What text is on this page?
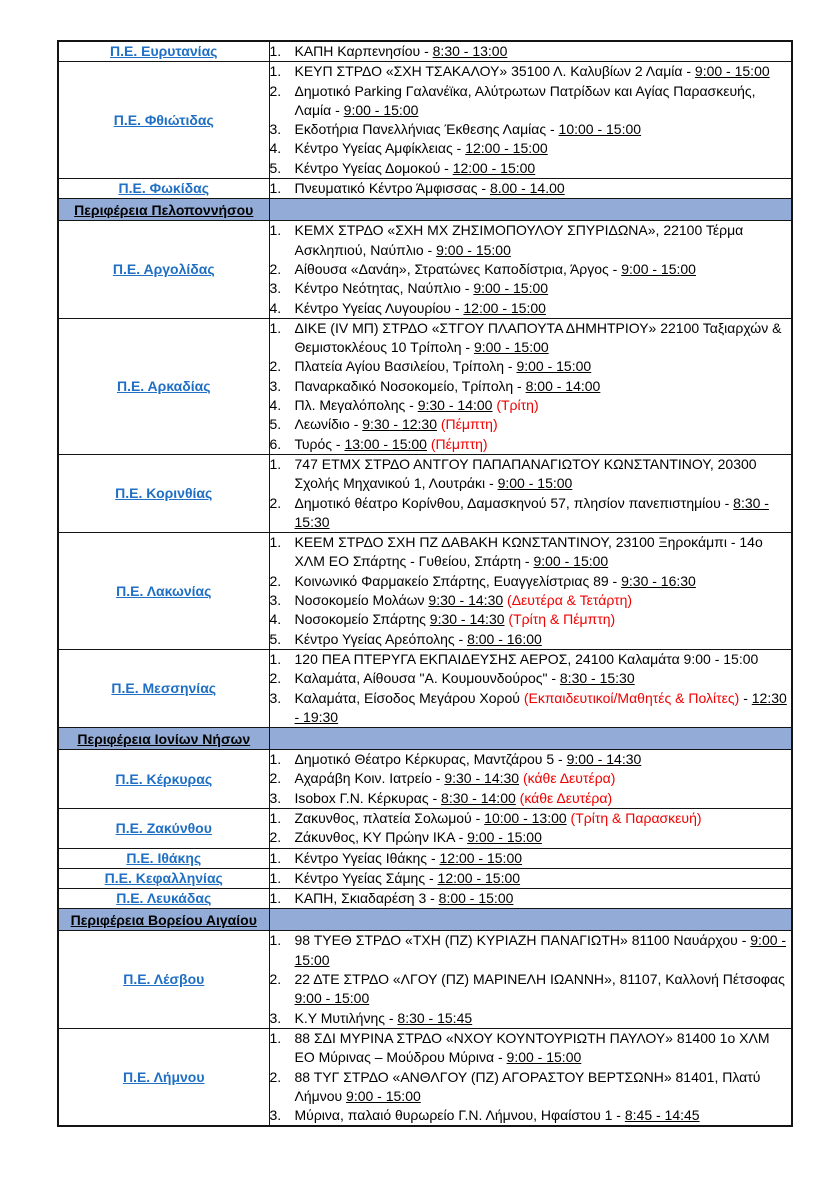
Π.Ε. Ευρυτανίας	1. ΚΑΠΗ Καρπενησίου - 8:30 - 13:00

Π.Ε. Φθιώτιδας	
1. ΚΕΥΠ ΣΤΡΔΟ «ΣΧΗ ΤΣΑΚΑΛΟΥ» 35100 Λ. Καλυβίων 2 Λαμία - 9:00 - 15:00
2. Δημοτικό Parking Γαλανέϊκα, Αλύτρωτων Πατρίδων και Αγίας Παρασκευής, Λαμία - 9:00 - 15:00
3. Εκδοτήρια Πανελλήνιας Έκθεσης Λαμίας - 10:00 - 15:00
4. Κέντρο Υγείας Αμφίκλειας - 12:00 - 15:00
5. Κέντρο Υγείας Δομοκού - 12:00 - 15:00

Π.Ε. Φωκίδας	1. Πνευματικό Κέντρο Άμφισσας - 8.00 - 14.00

Περιφέρεια Πελοποννήσου	
Π.Ε. Αργολίδας	
1. ΚΕΜΧ ΣΤΡΔΟ «ΣΧΗ ΜΧ ΖΗΣΙΜΟΠΟΥΛΟΥ ΣΠΥΡΙΔΩΝΑ», 22100 Τέρμα Ασκληπιού, Ναύπλιο - 9:00 - 15:00
2. Αίθουσα «Δανάη», Στρατώνες Καποδίστρια, Άργος - 9:00 - 15:00
3. Κέντρο Νεότητας, Ναύπλιο - 9:00 - 15:00
4. Κέντρο Υγείας Λυγουρίου - 12:00 - 15:00

Π.Ε. Αρκαδίας	
1. ΔΙΚΕ (ΙV ΜΠ) ΣΤΡΔΟ «ΣΤΓΟΥ ΠΛΑΠΟΥΤΑ ΔΗΜΗΤΡΙΟΥ» 22100 Ταξιαρχών & Θεμιστοκλέους 10 Τρίπολη - 9:00 - 15:00
2. Πλατεία Αγίου Βασιλείου, Τρίπολη - 9:00 - 15:00
3. Παναρκαδικό Νοσοκομείο, Τρίπολη - 8:00 - 14:00
4. Πλ. Μεγαλόπολης - 9:30 - 14:00 (Τρίτη)
5. Λεωνίδιο - 9:30 - 12:30 (Πέμπτη)
6. Τυρός - 13:00 - 15:00 (Πέμπτη)

Π.Ε. Κορινθίας	1. 747 ΕΤΜΧ ΣΤΡΔΟ ΑΝΤΓΟΥ ΠΑΠΑΠΑΝΑΓΙΩΤΟΥ ΚΩΝΣΤΑΝΤΙΝΟΥ, 20300 Σχολής Μηχανικού 1, Λουτράκι - 9:00 - 15:00
2. Δημοτικό θέατρο Κορίνθου, Δαμασκηνού 57, πλησίον πανεπιστημίου - 8:30 - 15:30

Π.Ε. Λακωνίας	
1. ΚΕΕΜ ΣΤΡΔΟ ΣΧΗ ΠΖ ΔΑΒΑΚΗ ΚΩΝΣΤΑΝΤΙΝΟΥ, 23100 Ξηροκάμπι - 14ο ΧΛΜ ΕΟ Σπάρτης - Γυθείου, Σπάρτη - 9:00 - 15:00
2. Κοινωνικό Φαρμακείο Σπάρτης, Ευαγγελίστριας 89 - 9:30 - 16:30
3. Νοσοκομείο Μολάων 9:30 - 14:30 (Δευτέρα & Τετάρτη)
4. Νοσοκομείο Σπάρτης 9:30 - 14:30 (Τρίτη & Πέμπτη)
5. Κέντρο Υγείας Αρεόπολης - 8:00 - 16:00

Π.Ε. Μεσσηνίας	
1. 120 ΠΕΑ ΠΤΕΡΥΓΑ ΕΚΠΑΙΔΕΥΣΗΣ ΑΕΡΟΣ, 24100 Καλαμάτα 9:00 - 15:00
2. Καλαμάτα, Αίθουσα "Α. Κουμουνδούρος" - 8:30 - 15:30
3. Καλαμάτα, Είσοδος Μεγάρου Χορού (Εκπαιδευτικοί/Μαθητές & Πολίτες) - 12:30 - 19:30

Περιφέρεια Ιονίων Νήσων	
Π.Ε. Κέρκυρας	
1. Δημοτικό Θέατρο Κέρκυρας, Μαντζάρου 5 - 9:00 - 14:30
2. Αχαράβη Κοιν. Ιατρείο - 9:30 - 14:30 (κάθε Δευτέρα)
3. Isobox Γ.Ν. Κέρκυρας - 8:30 - 14:00 (κάθε Δευτέρα)

Π.Ε. Ζακύνθου	1. Ζακυνθος, πλατεία Σολωμού - 10:00 - 13:00 (Τρίτη & Παρασκευή)
2. Ζάκυνθος, ΚΥ Πρώην ΙΚΑ - 9:00 - 15:00

Π.Ε. Ιθάκης	1. Κέντρο Υγείας Ιθάκης - 12:00 - 15:00

Π.Ε. Κεφαλληνίας	1. Κέντρο Υγείας Σάμης - 12:00 - 15:00

Π.Ε. Λευκάδας	1. ΚΑΠΗ, Σκιαδαρέση 3 - 8:00 - 15:00

Περιφέρεια Βορείου Αιγαίου	
Π.Ε. Λέσβου	
1. 98 ΤΥΕΘ ΣΤΡΔΟ «ΤΧΗ (ΠΖ) ΚΥΡΙΑΖΗ ΠΑΝΑΓΙΩΤΗ» 81100 Ναυάρχου - 9:00 - 15:00
2. 22 ΔΤΕ ΣΤΡΔΟ «ΛΓΟΥ (ΠΖ) ΜΑΡΙΝΕΛΗ ΙΩΑΝΝΗ», 81107, Καλλονή Πέτσοφας 9:00 - 15:00
3. Κ.Υ Μυτιλήνης - 8:30 - 15:45

Π.Ε. Λήμνου	
1. 88 ΣΔΙ ΜΥΡΙΝΑ ΣΤΡΔΟ «ΝΧΟΥ ΚΟΥΝΤΟΥΡΙΩΤΗ ΠΑΥΛΟΥ» 81400 1ο ΧΛΜ ΕΟ Μύρινας – Μούδρου Μύρινα - 9:00 - 15:00
2. 88 ΤΥΓ ΣΤΡΔΟ «ΑΝΘΛΓΟΥ (ΠΖ) ΑΓΟΡΑΣΤΟΥ ΒΕΡΤΣΩΝΗ» 81401, Πλατύ Λήμνου 9:00 - 15:00
3. Μύρινα, παλαιό θυρωρείο Γ.Ν. Λήμνου, Ηφαίστου 1 - 8:45 - 14:45
